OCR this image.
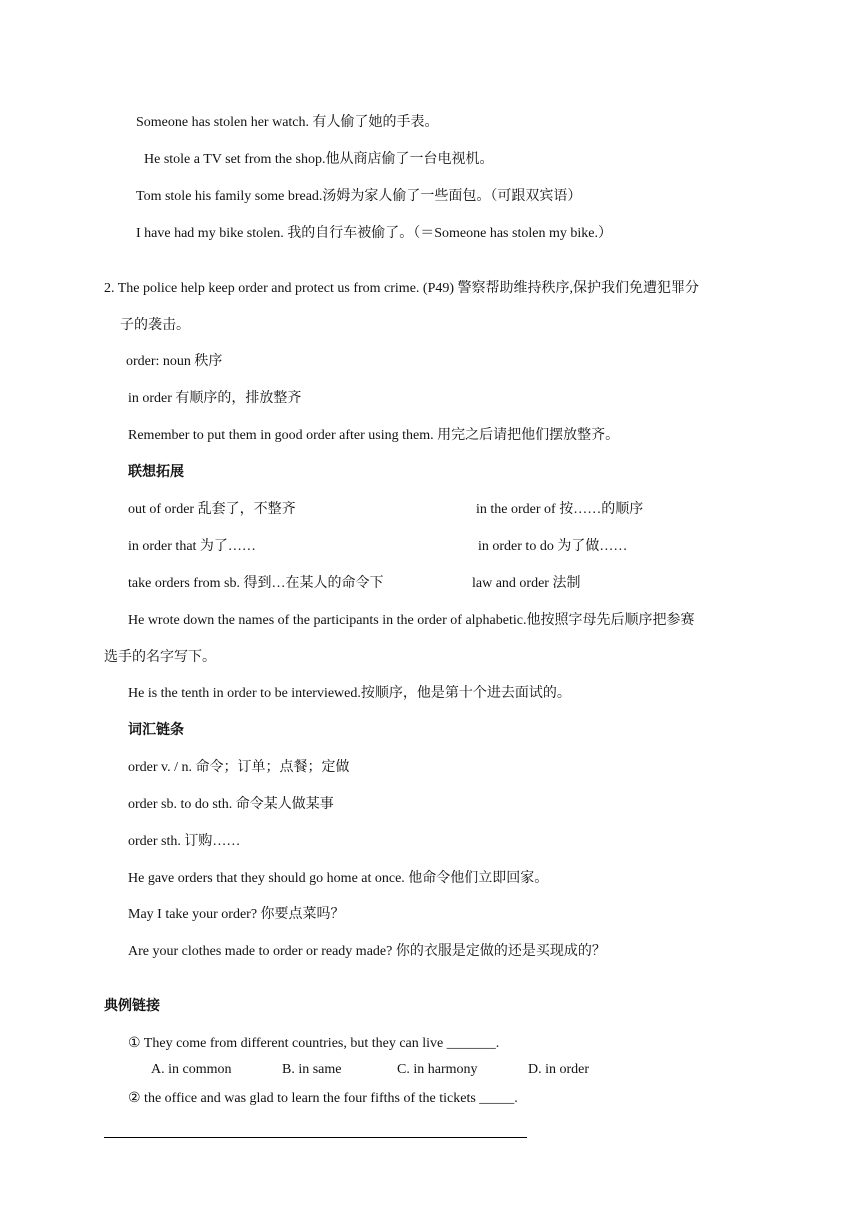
Someone has stolen her watch. 有人偷了她的手表。
He stole a TV set from the shop.他从商店偷了一台电视机。
Tom stole his family some bread.汤姆为家人偷了一些面包。（可跟双宾语）
I have had my bike stolen. 我的自行车被偷了。（＝Someone has stolen my bike.）
2. The police help keep order and protect us from crime. (P49) 警察帮助维持秩序,保护我们免遭犯罪分
子的袭击。
order: noun 秩序
in order 有顺序的，排放整齐
Remember to put them in good order after using them. 用完之后请把他们摆放整齐。
联想拓展
out of order 乱套了，不整齐	in the order of 按……的顺序
in order that 为了……	in order to do 为了做……
take orders from sb. 得到…在某人的命令下	law and order 法制
He wrote down the names of the participants in the order of alphabetic.他按照字母先后顺序把参赛
选手的名字写下。
He is the tenth in order to be interviewed.按顺序，他是第十个进去面试的。
词汇链条
order v. / n. 命令；订单；点餐；定做
order sb. to do sth. 命令某人做某事
order sth. 订购……
He gave orders that they should go home at once. 他命令他们立即回家。
May I take your order? 你要点菜吗？
Are your clothes made to order or ready made? 你的衣服是定做的还是买现成的？
典例链接
① They come from different countries, but they can live _______.
A. in common	B. in same	C. in harmony	D. in order
② the office and was glad to learn the four fifths of the tickets _____.
